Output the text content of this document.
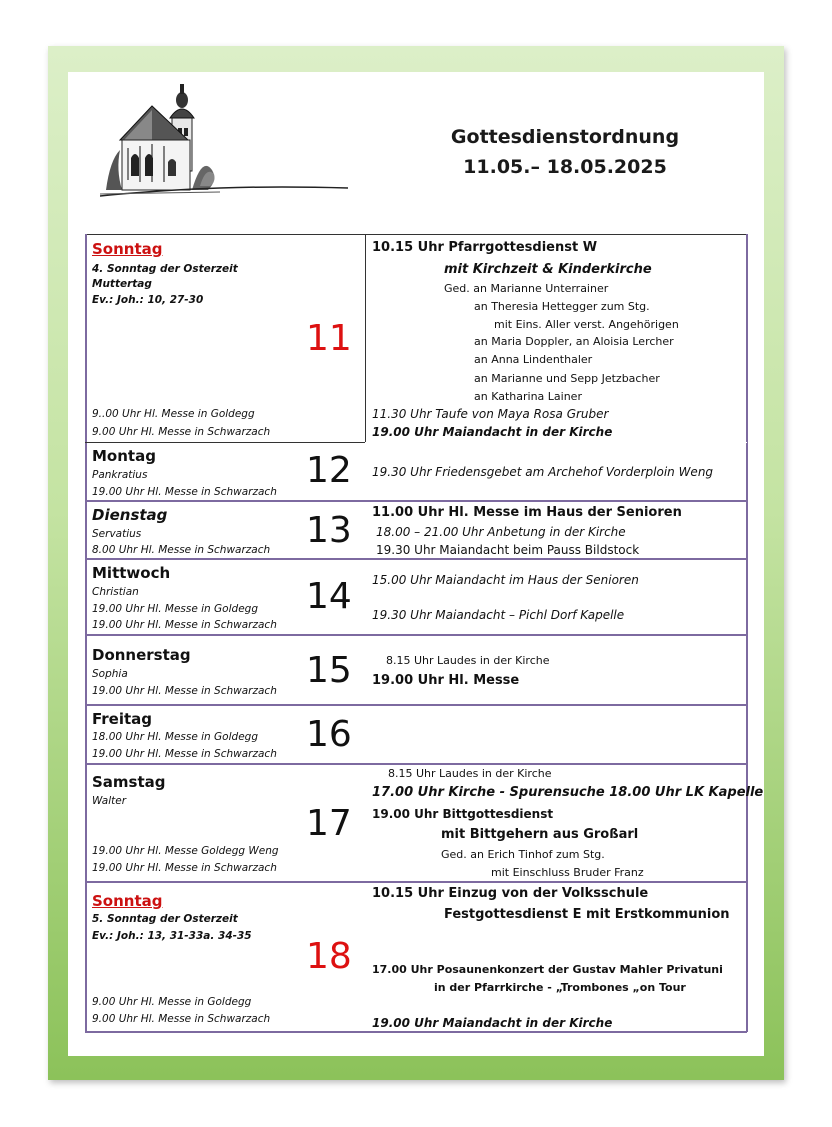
Gottesdienstordnung
11.05.– 18.05.2025
Sonntag
4. Sonntag der Osterzeit
Muttertag
Ev.: Joh.: 10, 27-30
9..00 Uhr Hl. Messe in Goldegg
9.00 Uhr Hl. Messe in Schwarzach
11
10.15 Uhr Pfarrgottesdienst W
mit Kirchzeit & Kinderkirche
Ged. an Marianne Unterrainer
an Theresia Hettegger zum Stg.
mit Eins. Aller verst. Angehörigen
an Maria Doppler, an Aloisia Lercher
an Anna Lindenthaler
an Marianne und Sepp Jetzbacher
an Katharina Lainer
11.30 Uhr Taufe von Maya Rosa Gruber
19.00 Uhr Maiandacht in der Kirche
Montag
Pankratius
19.00 Uhr Hl. Messe in Schwarzach
12 19.30 Uhr Friedensgebet am Archehof Vorderploin Weng
Dienstag
Servatius
8.00 Uhr Hl. Messe in Schwarzach 13 11.00 Uhr Hl. Messe im Haus der Senioren
18.00 – 21.00 Uhr Anbetung in der Kirche
19.30 Uhr Maiandacht beim Pauss Bildstock
Mittwoch
Christian
19.00 Uhr Hl. Messe in Goldegg
19.00 Uhr Hl. Messe in Schwarzach
14 15.00 Uhr Maiandacht im Haus der Senioren
19.30 Uhr Maiandacht – Pichl Dorf Kapelle
Donnerstag
Sophia
19.00 Uhr Hl. Messe in Schwarzach 15	8.15 Uhr Laudes in der Kirche
19.00 Uhr Hl. Messe
Freitag
18.00 Uhr Hl. Messe in Goldegg
19.00 Uhr Hl. Messe in Schwarzach 16
Samstag
Walter
19.00 Uhr Hl. Messe Goldegg Weng
19.00 Uhr Hl. Messe in Schwarzach
17
8.15 Uhr Laudes in der Kirche
17.00 Uhr Kirche - Spurensuche 18.00 Uhr LK Kapelle
19.00 Uhr Bittgottesdienst
mit Bittgehern aus Großarl
Ged. an Erich Tinhof zum Stg.
mit Einschluss Bruder Franz
Sonntag
5. Sonntag der Osterzeit
Ev.: Joh.: 13, 31-33a. 34-35
9.00 Uhr Hl. Messe in Goldegg
9.00 Uhr Hl. Messe in Schwarzach
18
10.15 Uhr Einzug von der Volksschule
Festgottesdienst E mit Erstkommunion
17.00 Uhr Posaunenkonzert der Gustav Mahler Privatuni
in der Pfarrkirche - „Trombones „on Tour
19.00 Uhr Maiandacht in der Kirche
